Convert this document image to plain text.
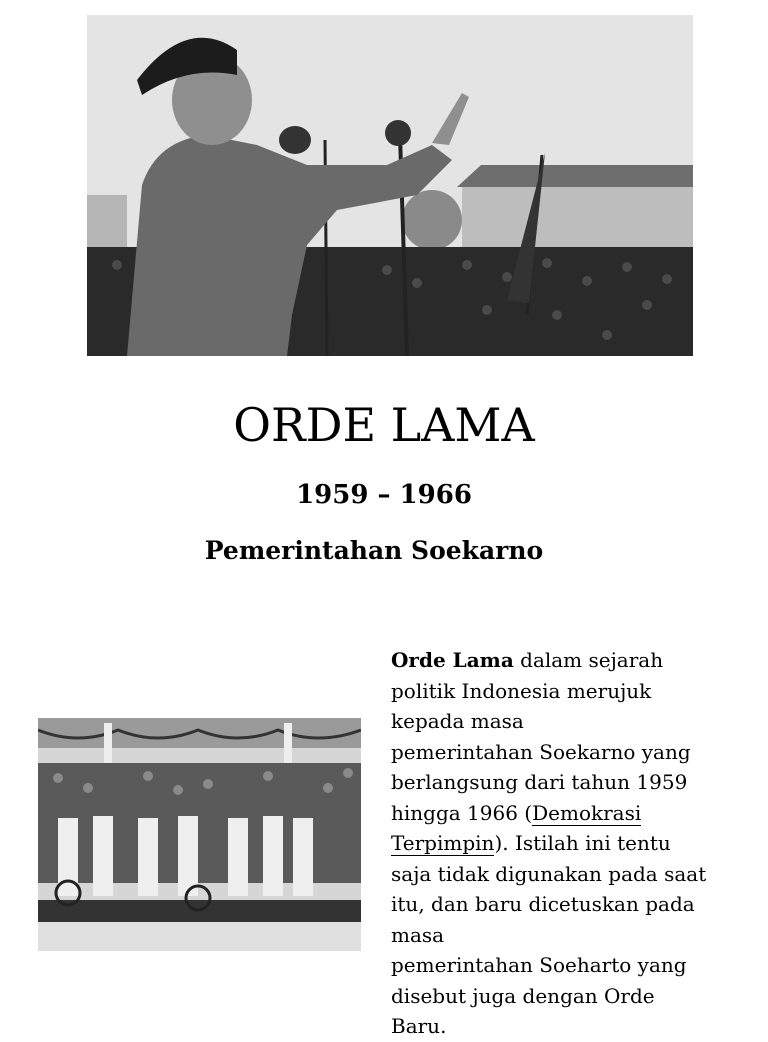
ORDE LAMA
1959 – 1966
Pemerintahan Soekarno
Orde Lama dalam sejarah
politik Indonesia merujuk
kepada masa
pemerintahan Soekarno yang
berlangsung dari tahun 1959
hingga 1966 (Demokrasi
Terpimpin). Istilah ini tentu
saja tidak digunakan pada saat
itu, dan baru dicetuskan pada
masa
pemerintahan Soeharto yang
disebut juga dengan Orde
Baru.
